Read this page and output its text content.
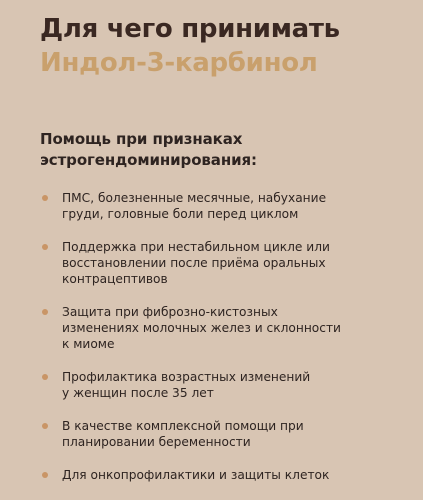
Для чего принимать
Индол-3-карбинол
Помощь при признаках
эстрогендоминирования:
ПМС, болезненные месячные, набухание
груди, головные боли перед циклом
Поддержка при нестабильном цикле или
восстановлении после приёма оральных
контрацептивов
Защита при фиброзно-кистозных
изменениях молочных желез и склонности
к миоме
Профилактика возрастных изменений
у женщин после 35 лет
В качестве комплексной помощи при
планировании беременности
Для онкопрофилактики и защиты клеток
